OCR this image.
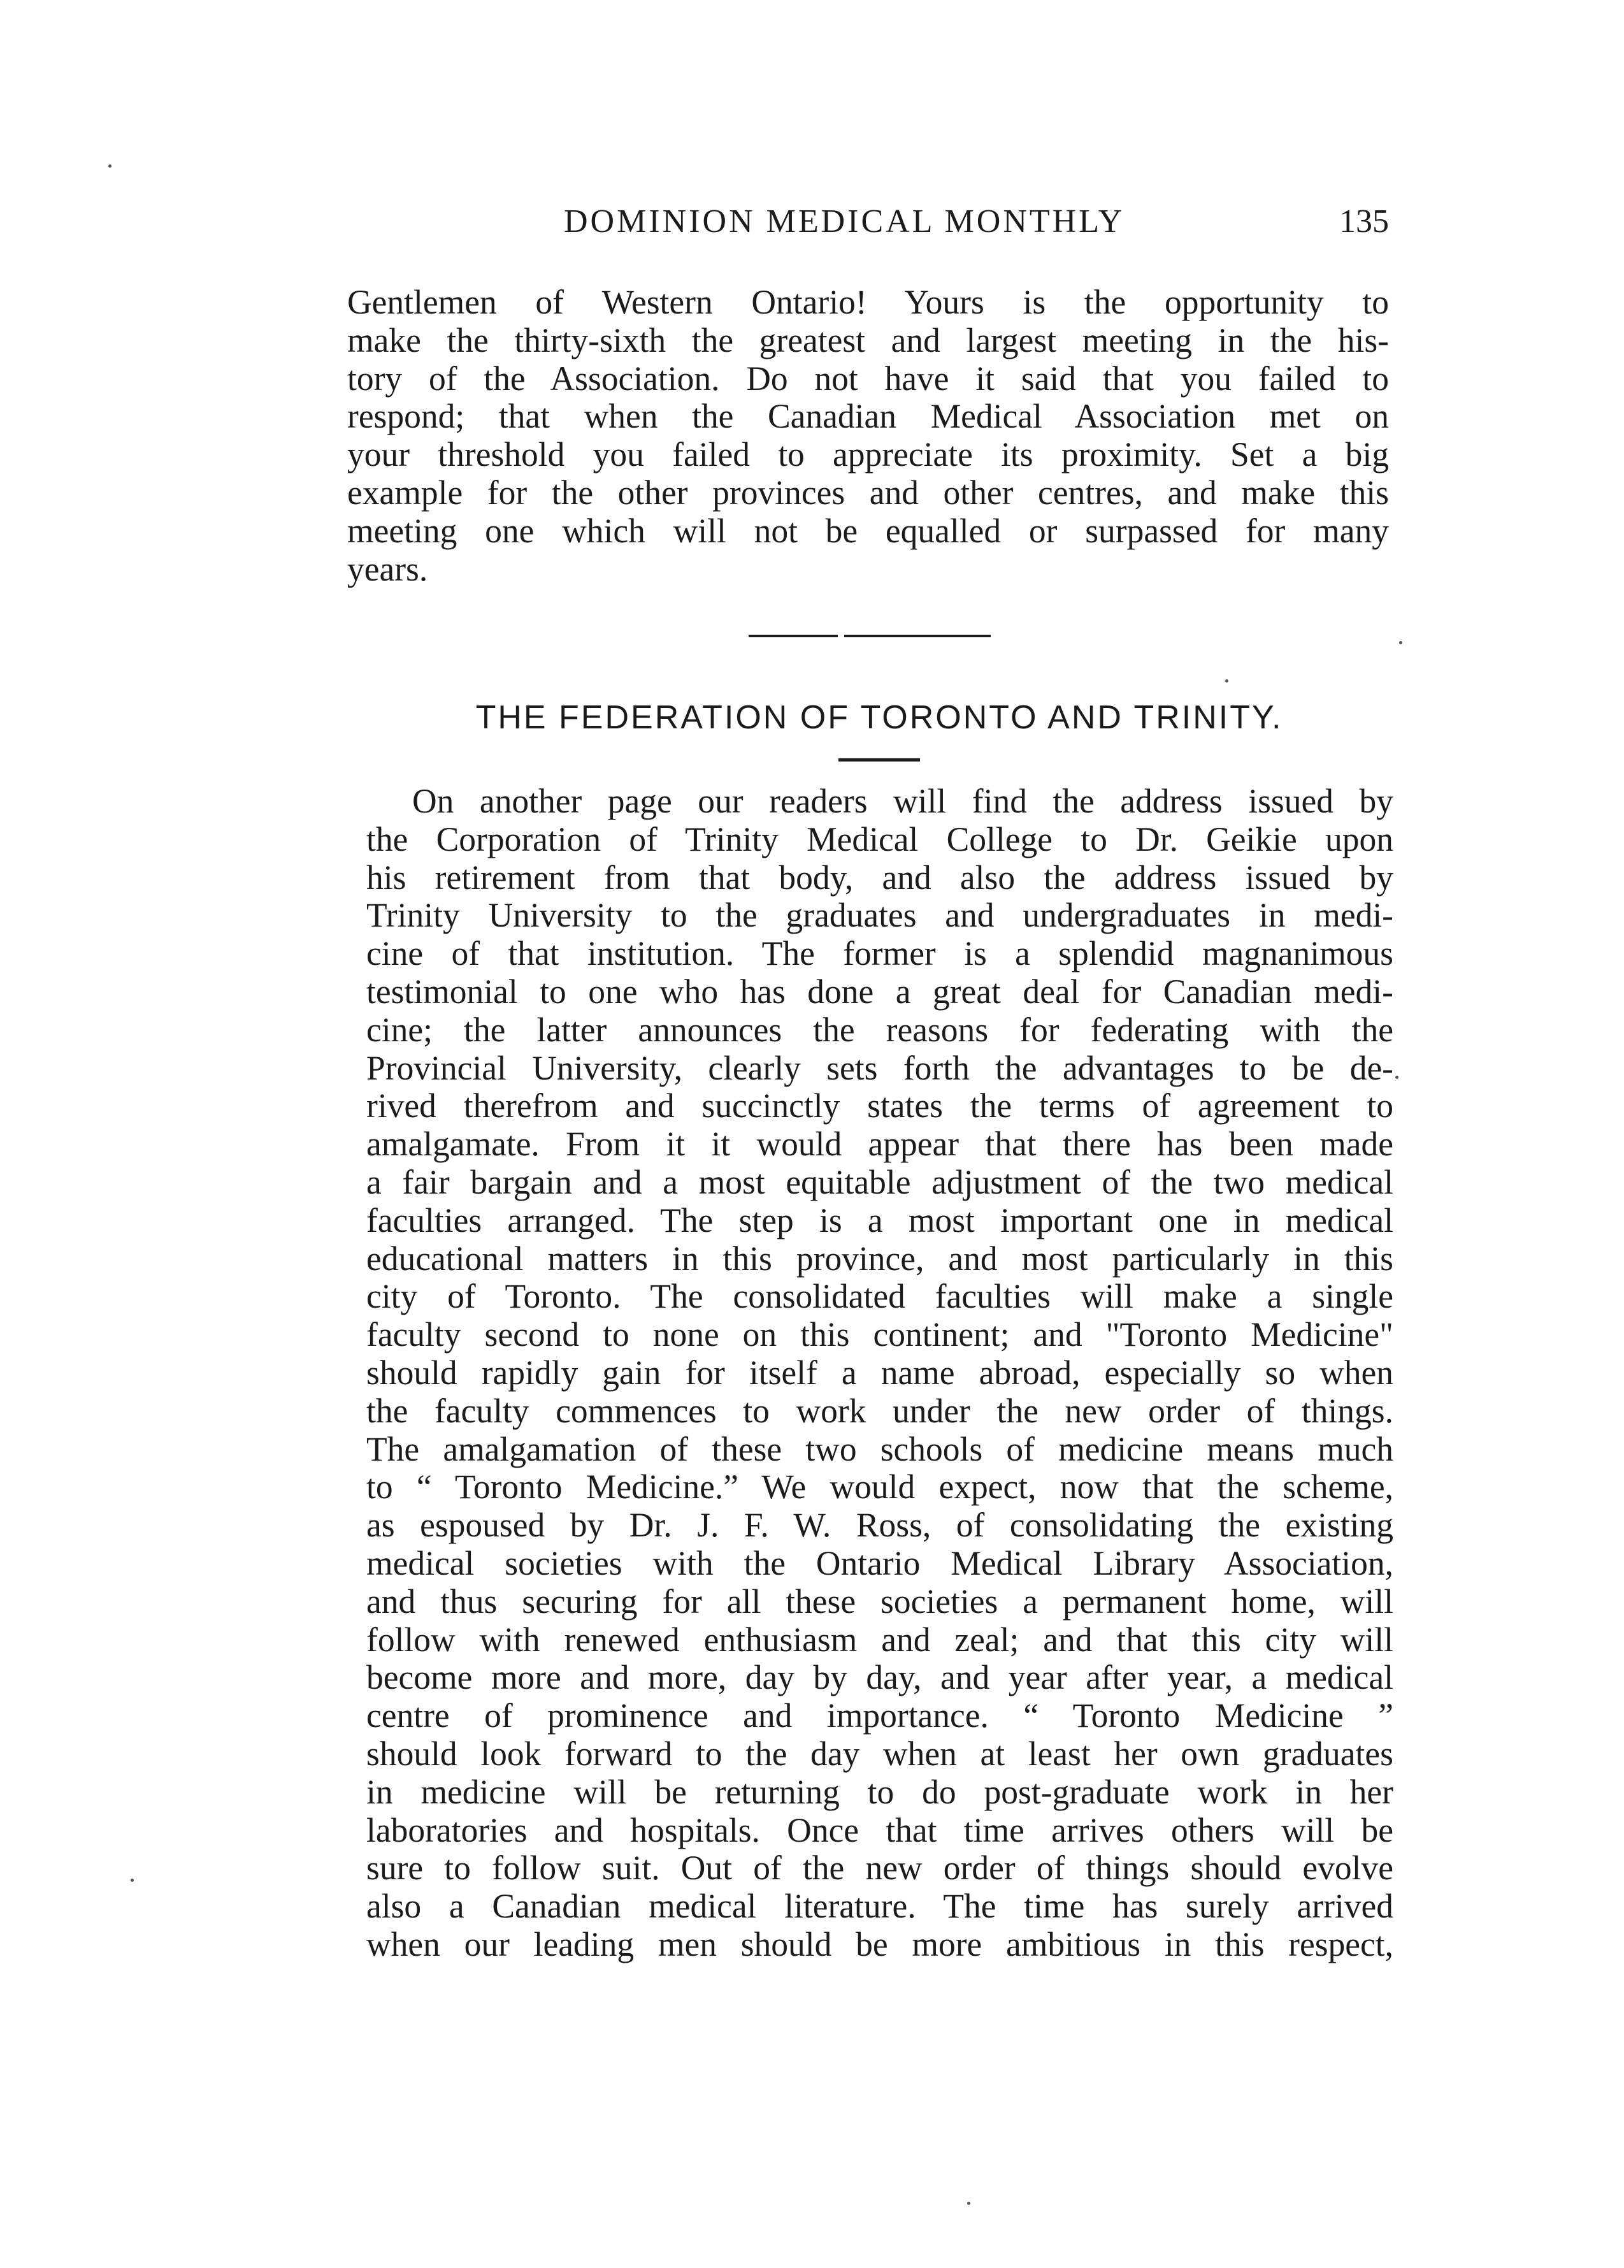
DOMINION MEDICAL MONTHLY	135
Gentlemen of Western Ontario! Yours is the opportunity to
make the thirty-sixth the greatest and largest meeting in the his-
tory of the Association. Do not have it said that you failed to
respond; that when the Canadian Medical Association met on
your threshold you failed to appreciate its proximity. Set a big
example for the other provinces and other centres, and make this
meeting one which will not be equalled or surpassed for many
years.
THE FEDERATION OF TORONTO AND TRINITY.
On another page our readers will find the address issued by
the Corporation of Trinity Medical College to Dr. Geikie upon
his retirement from that body, and also the address issued by
Trinity University to the graduates and undergraduates in medi-
cine of that institution. The former is a splendid magnanimous
testimonial to one who has done a great deal for Canadian medi-
cine; the latter announces the reasons for federating with the
Provincial University, clearly sets forth the advantages to be de-
rived therefrom and succinctly states the terms of agreement to
amalgamate. From it it would appear that there has been made
a fair bargain and a most equitable adjustment of the two medical
faculties arranged. The step is a most important one in medical
educational matters in this province, and most particularly in this
city of Toronto. The consolidated faculties will make a single
faculty second to none on this continent; and "Toronto Medicine"
should rapidly gain for itself a name abroad, especially so when
the faculty commences to work under the new order of things.
The amalgamation of these two schools of medicine means much
to “ Toronto Medicine.” We would expect, now that the scheme,
as espoused by Dr. J. F. W. Ross, of consolidating the existing
medical societies with the Ontario Medical Library Association,
and thus securing for all these societies a permanent home, will
follow with renewed enthusiasm and zeal; and that this city will
become more and more, day by day, and year after year, a medical
centre of prominence and importance. “ Toronto Medicine ”
should look forward to the day when at least her own graduates
in medicine will be returning to do post-graduate work in her
laboratories and hospitals. Once that time arrives others will be
sure to follow suit. Out of the new order of things should evolve
also a Canadian medical literature. The time has surely arrived
when our leading men should be more ambitious in this respect,
